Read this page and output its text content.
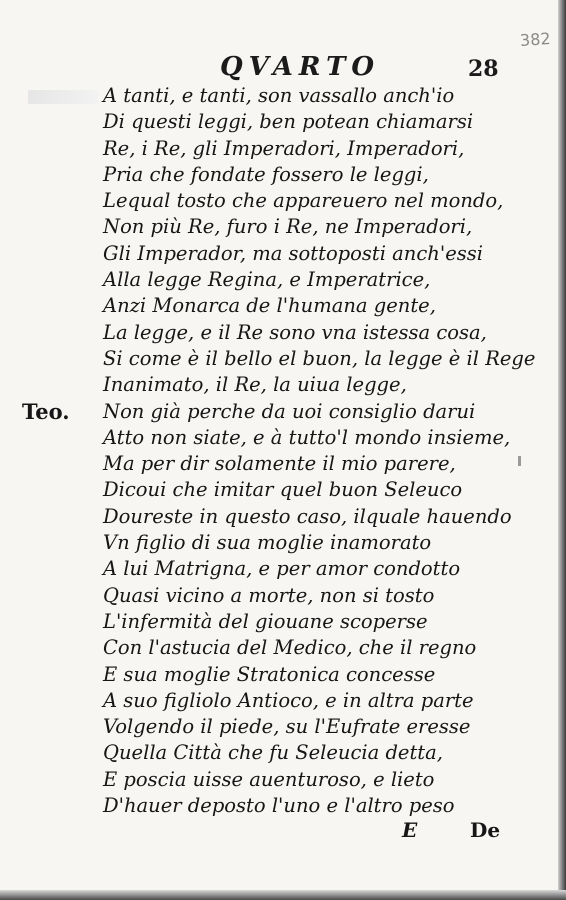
QVARTO	28
382
Teo.
A tanti, e tanti, son vassallo anch'io
Di questi leggi, ben potean chiamarsi
Re, i Re, gli Imperadori, Imperadori,
Pria che fondate fossero le leggi,
Lequal tosto che appareuero nel mondo,
Non più Re, furo i Re, ne Imperadori,
Gli Imperador, ma sottoposti anch'essi
Alla legge Regina, e Imperatrice,
Anzi Monarca de l'humana gente,
La legge, e il Re sono vna istessa cosa,
Si come è il bello el buon, la legge è il Rege
Inanimato, il Re, la uiua legge,
Non già perche da uoi consiglio darui
Atto non siate, e à tutto'l mondo insieme,
Ma per dir solamente il mio parere,
Dicoui che imitar quel buon Seleuco
Doureste in questo caso, ilquale hauendo
Vn figlio di sua moglie inamorato
A lui Matrigna, e per amor condotto
Quasi vicino a morte, non si tosto
L'infermità del giouane scoperse
Con l'astucia del Medico, che il regno
E sua moglie Stratonica concesse
A suo figliolo Antioco, e in altra parte
Volgendo il piede, su l'Eufrate eresse
Quella Città che fu Seleucia detta,
E poscia uisse auenturoso, e lieto
D'hauer deposto l'uno e l'altro peso
E	De
